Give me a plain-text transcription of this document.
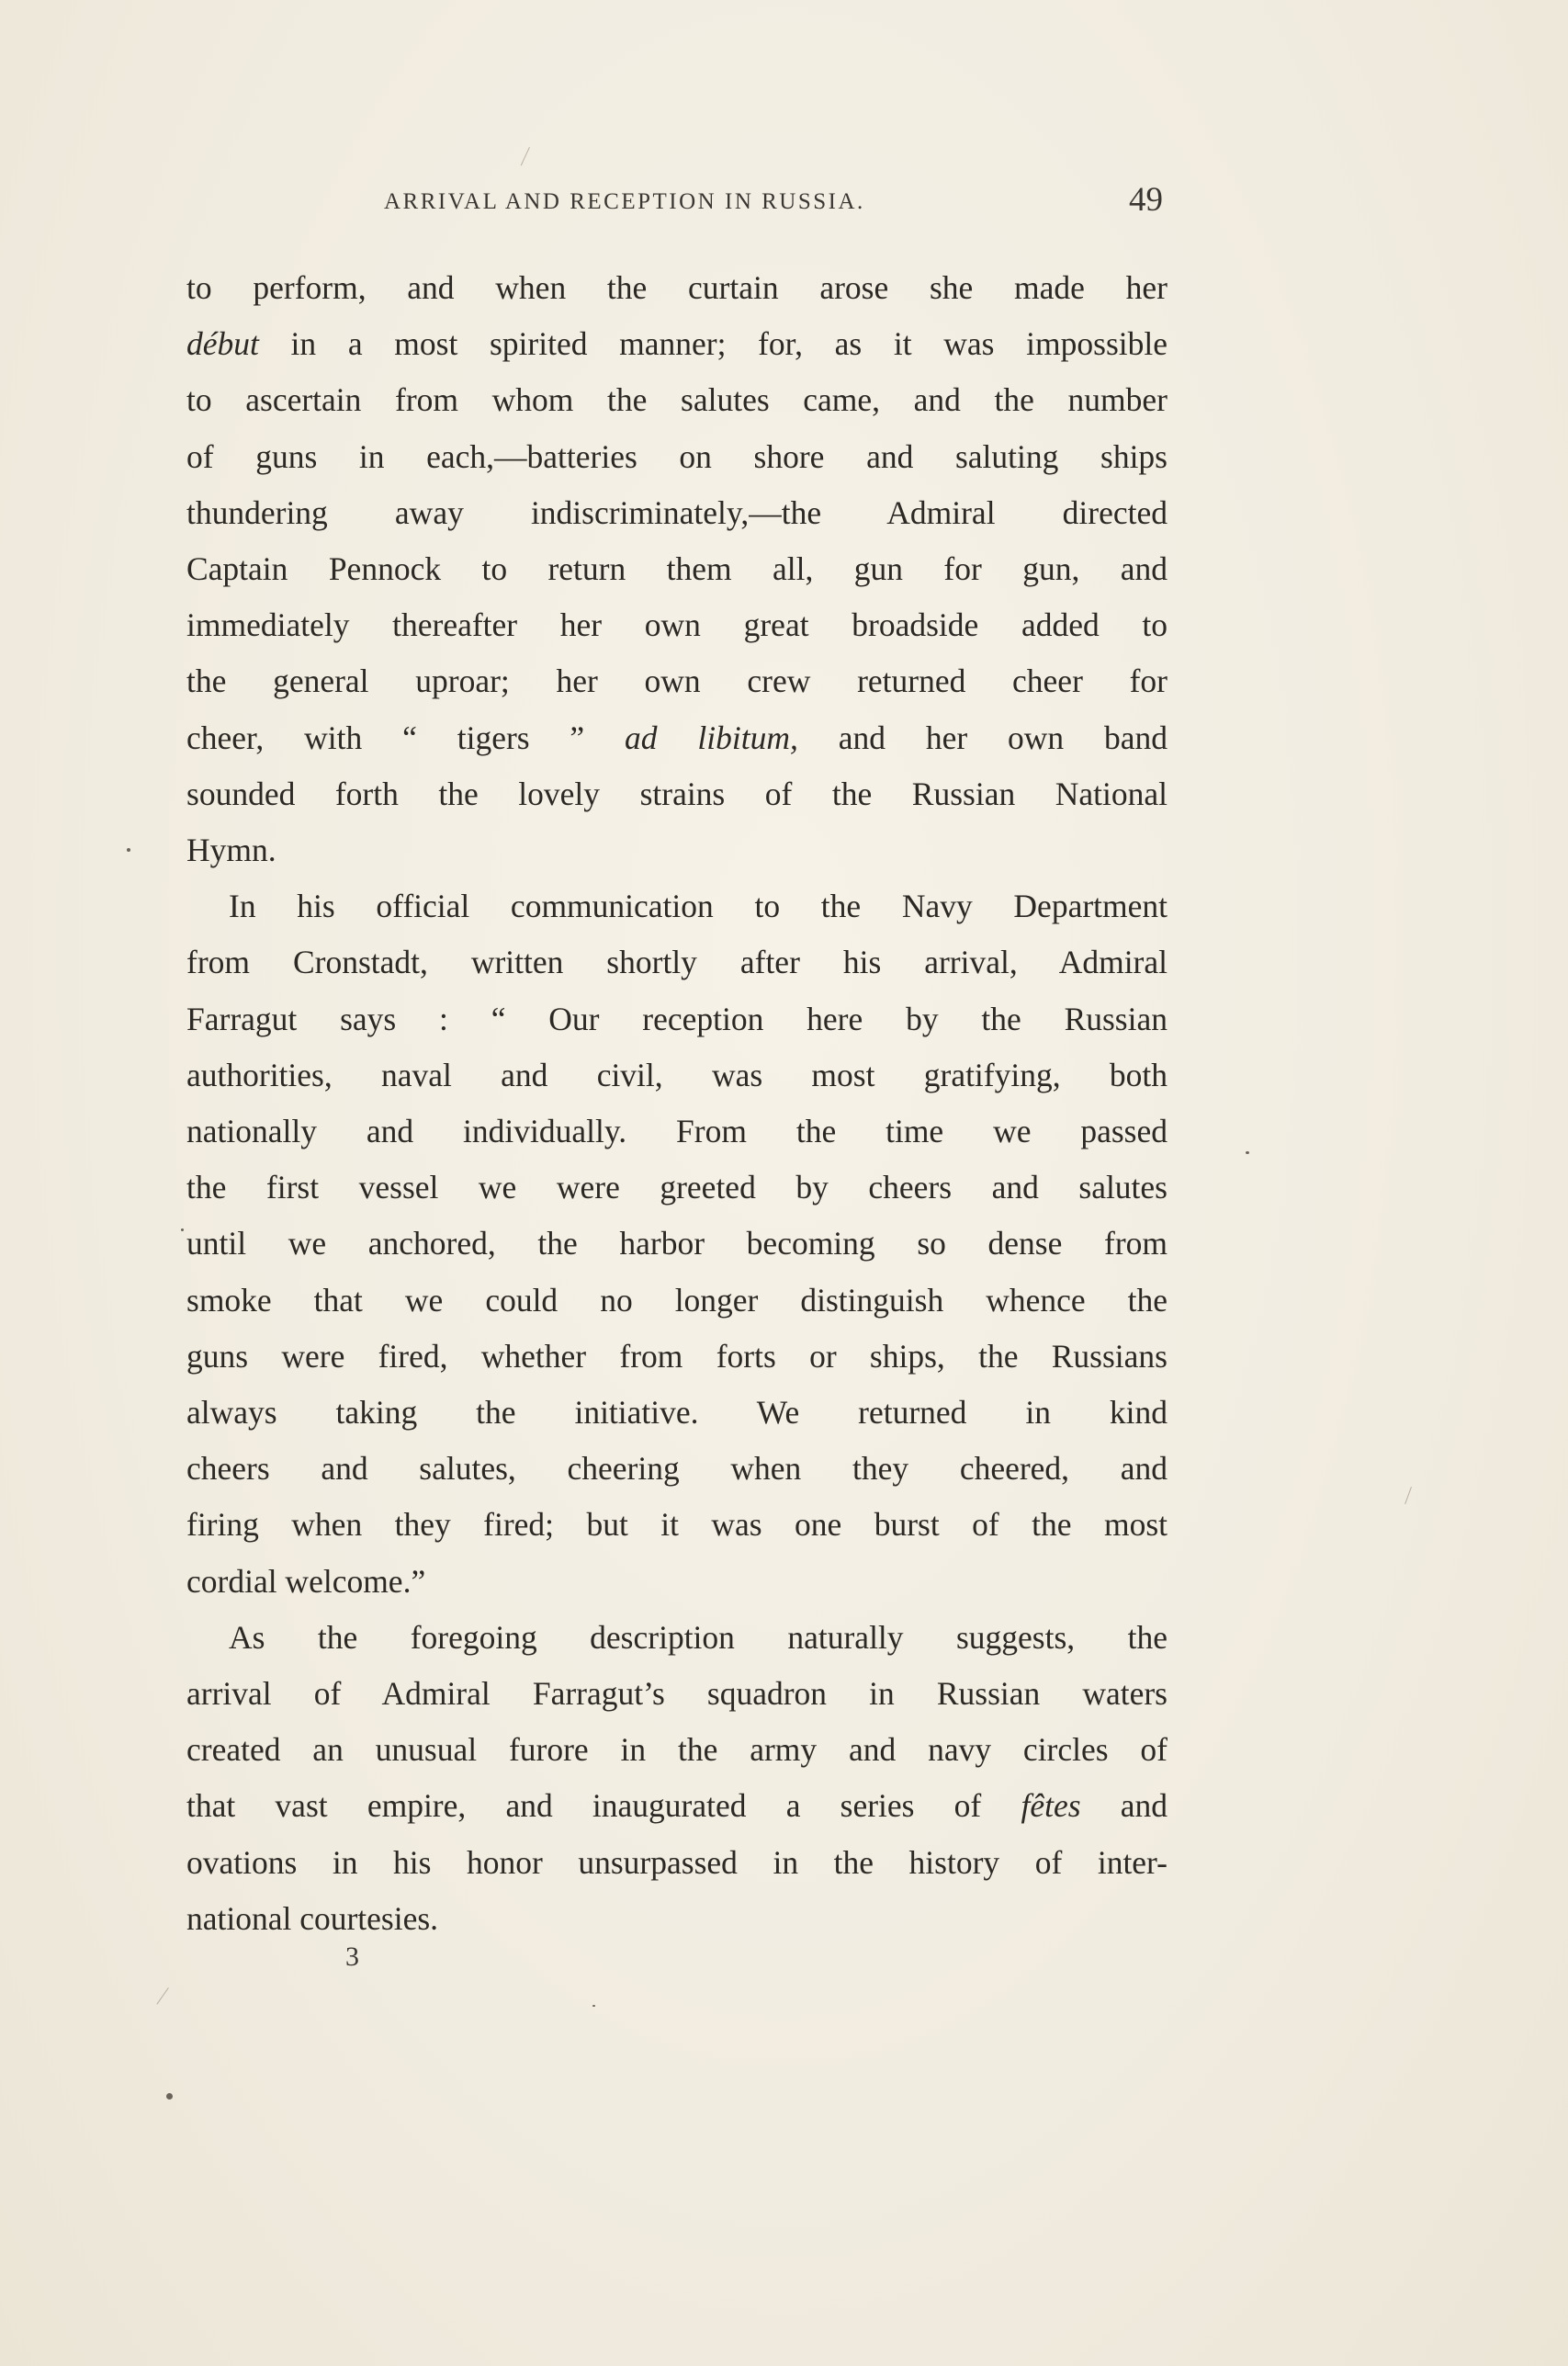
ARRIVAL AND RECEPTION IN RUSSIA.	49

to perform, and when the curtain arose she made her
début in a most spirited manner; for, as it was impossible
to ascertain from whom the salutes came, and the number
of guns in each,—batteries on shore and saluting ships
thundering away indiscriminately,—the Admiral directed
Captain Pennock to return them all, gun for gun, and
immediately thereafter her own great broadside added to
the general uproar; her own crew returned cheer for
cheer, with “ tigers ” ad libitum, and her own band
sounded forth the lovely strains of the Russian National
Hymn.

In his official communication to the Navy Department
from Cronstadt, written shortly after his arrival, Admiral
Farragut says : “ Our reception here by the Russian
authorities, naval and civil, was most gratifying, both
nationally and individually. From the time we passed
the first vessel we were greeted by cheers and salutes
until we anchored, the harbor becoming so dense from
smoke that we could no longer distinguish whence the
guns were fired, whether from forts or ships, the Russians
always taking the initiative. We returned in kind
cheers and salutes, cheering when they cheered, and
firing when they fired; but it was one burst of the most
cordial welcome.”

As the foregoing description naturally suggests, the
arrival of Admiral Farragut’s squadron in Russian waters
created an unusual furore in the army and navy circles of
that vast empire, and inaugurated a series of fêtes and
ovations in his honor unsurpassed in the history of inter-
national courtesies.

3
